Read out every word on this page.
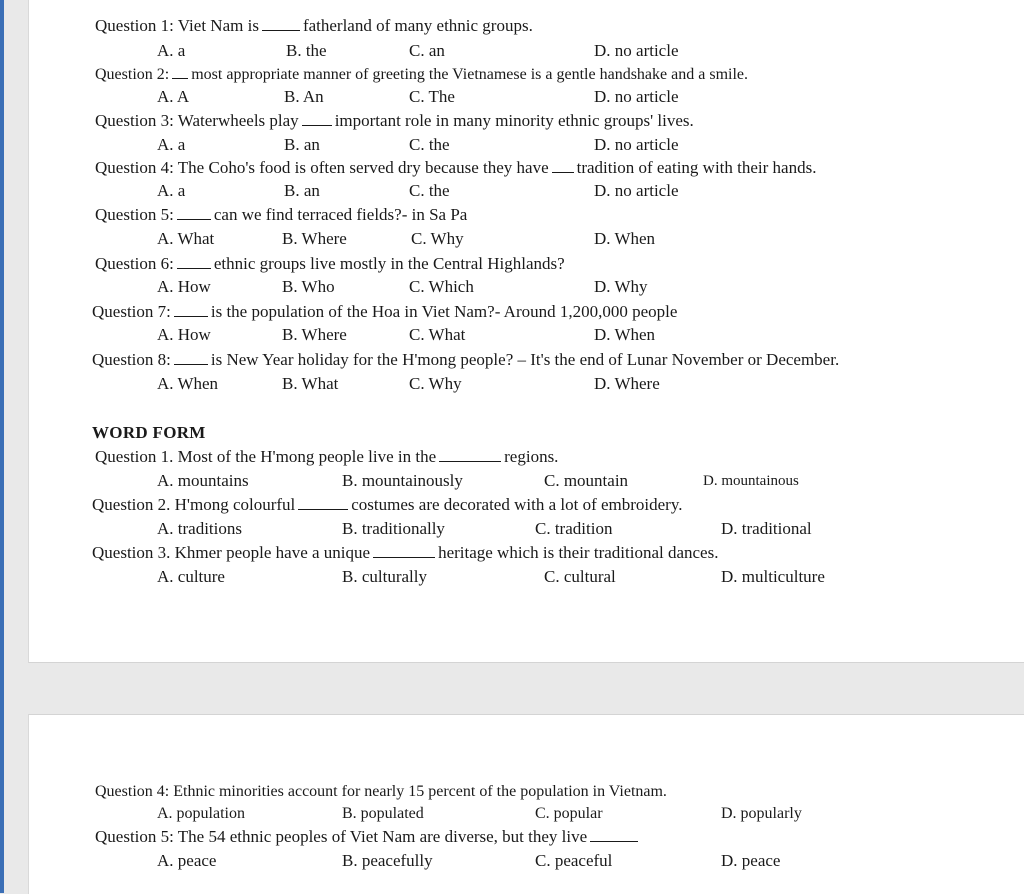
Question 1: Viet Nam is	fatherland of many ethnic groups.
A. a	B. the	C. an	D. no article
Question 2: most appropriate manner of greeting the Vietnamese is a gentle handshake and a smile.
A. A	B. An	C. The	D. no article
Question 3: Waterwheels play important role in many minority ethnic groups' lives.
A. a	B. an	C. the	D. no article
Question 4: The Coho's food is often served dry because they have tradition of eating with their hands.
A. a	B. an	C. the	D. no article
Question 5: can we find terraced fields?- in Sa Pa
A. What	B. Where	C. Why	D. When
Question 6: ethnic groups live mostly in the Central Highlands?
A. How	B. Who	C. Which	D. Why
Question 7: is the population of the Hoa in Viet Nam?- Around 1,200,000 people
A. How	B. Where	C. What	D. When
Question 8: is New Year holiday for the H'mong people? – It's the end of Lunar November or December.
A. When	B. What	C. Why	D. Where
WORD FORM
Question 1. Most of the H'mong people live in the	regions.
A. mountains	B. mountainously	C. mountain	D. mountainous
Question 2. H'mong colourful	costumes are decorated with a lot of embroidery.
A. traditions	B. traditionally	C. tradition	D. traditional
Question 3. Khmer people have a unique	heritage which is their traditional dances.
A. culture	B. culturally	C. cultural	D. multiculture
Question 4: Ethnic minorities account for nearly 15 percent of the population in Vietnam.
A. population	B. populated	C. popular	D. popularly
Question 5: The 54 ethnic peoples of Viet Nam are diverse, but they live
A. peace	B. peacefully	C. peaceful	D. peace
